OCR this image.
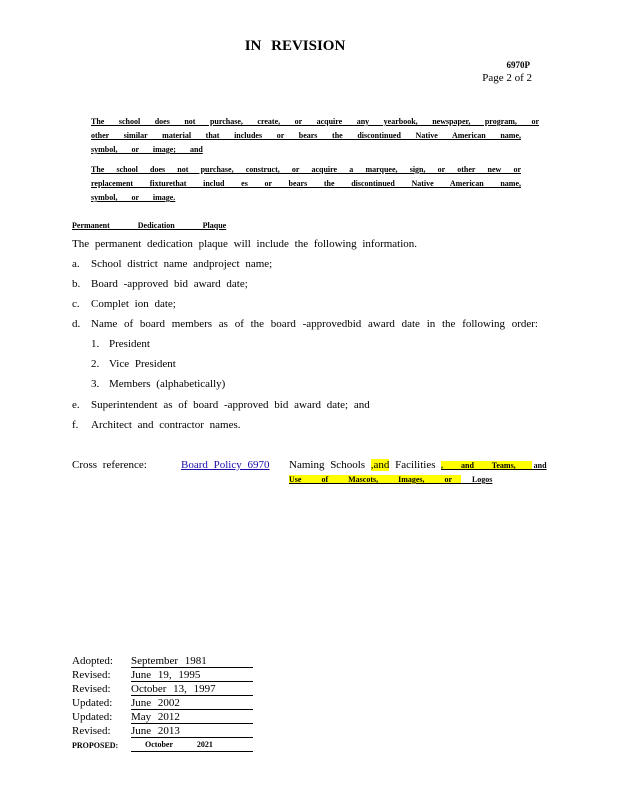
IN REVISION
6970P
Page 2 of 2
The school does not purchase, create, or acquire any yearbook, newspaper, program, or
other similar material that includes or bears the discontinued Native American name,
symbol, or image; and
The school does not purchase, construct, or acquire a marquee, sign, or other new or
replacement fixturethat includ es or bears the discontinued Native American name,
symbol, or image.
Permanent Dedication Plaque
The permanent dedication plaque will include the following information.
a. School district name andproject name;
b. Board -approved bid award date;
c. Complet ion date;
d. Name of board members as of the board -approvedbid award date in the following order:
1. President
2. Vice President
3. Members (alphabetically)
e. Superintendent as of board -approved bid award date; and
f. Architect and contractor names.
Cross reference:	Board Policy 6970 Naming Schools ,and Facilities , and Teams, and
Use of Mascots, Images, or Logos
Adopted: September 1981
Revised: June 19, 1995
Revised: October 13, 1997
Updated: June 2002
Updated: May 2012
Revised: June 2013
PROPOSED:	October 2021
